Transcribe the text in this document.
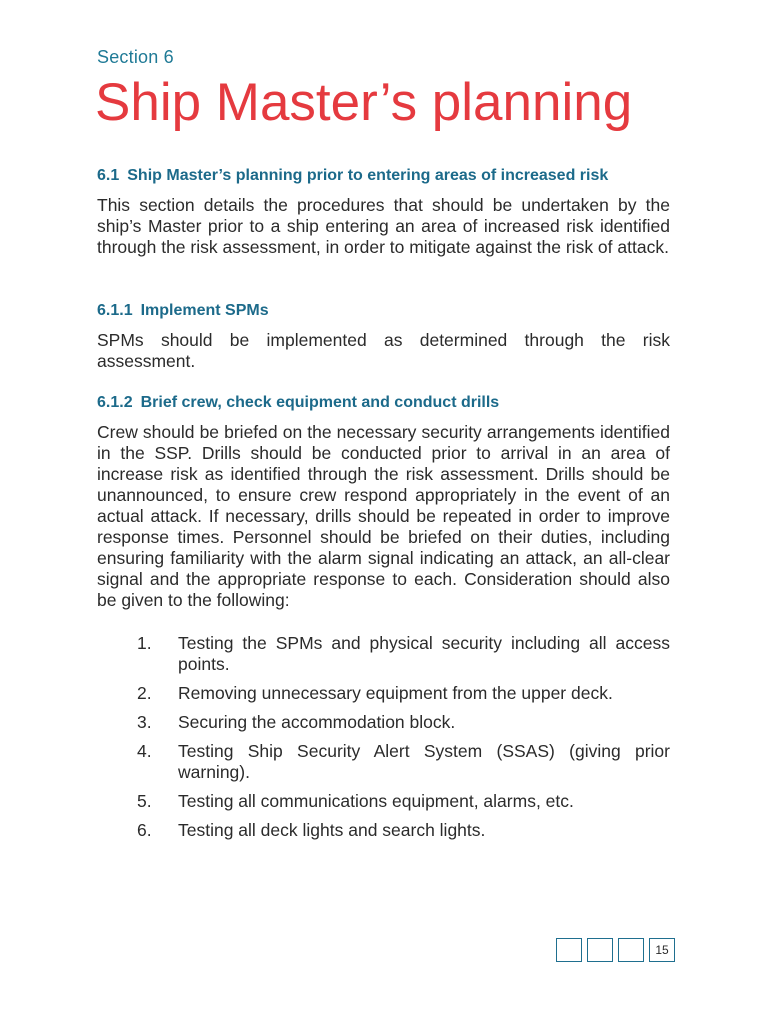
Section 6
Ship Master’s planning
6.1 Ship Master’s planning prior to entering areas of increased risk
This section details the procedures that should be undertaken by the ship’s Master prior to a ship entering an area of increased risk identified through the risk assessment, in order to mitigate against the risk of attack.
6.1.1 Implement SPMs
SPMs should be implemented as determined through the risk assessment.
6.1.2 Brief crew, check equipment and conduct drills
Crew should be briefed on the necessary security arrangements identified in the SSP. Drills should be conducted prior to arrival in an area of increase risk as identified through the risk assessment. Drills should be unannounced, to ensure crew respond appropriately in the event of an actual attack. If necessary, drills should be repeated in order to improve response times. Personnel should be briefed on their duties, including ensuring familiarity with the alarm signal indicating an attack, an all-clear signal and the appropriate response to each. Consideration should also be given to the following:
1.	Testing the SPMs and physical security including all access points.
2.	Removing unnecessary equipment from the upper deck.
3.	Securing the accommodation block.
4.	Testing Ship Security Alert System (SSAS) (giving prior warning).
5.	Testing all communications equipment, alarms, etc.
6.	Testing all deck lights and search lights.
15
